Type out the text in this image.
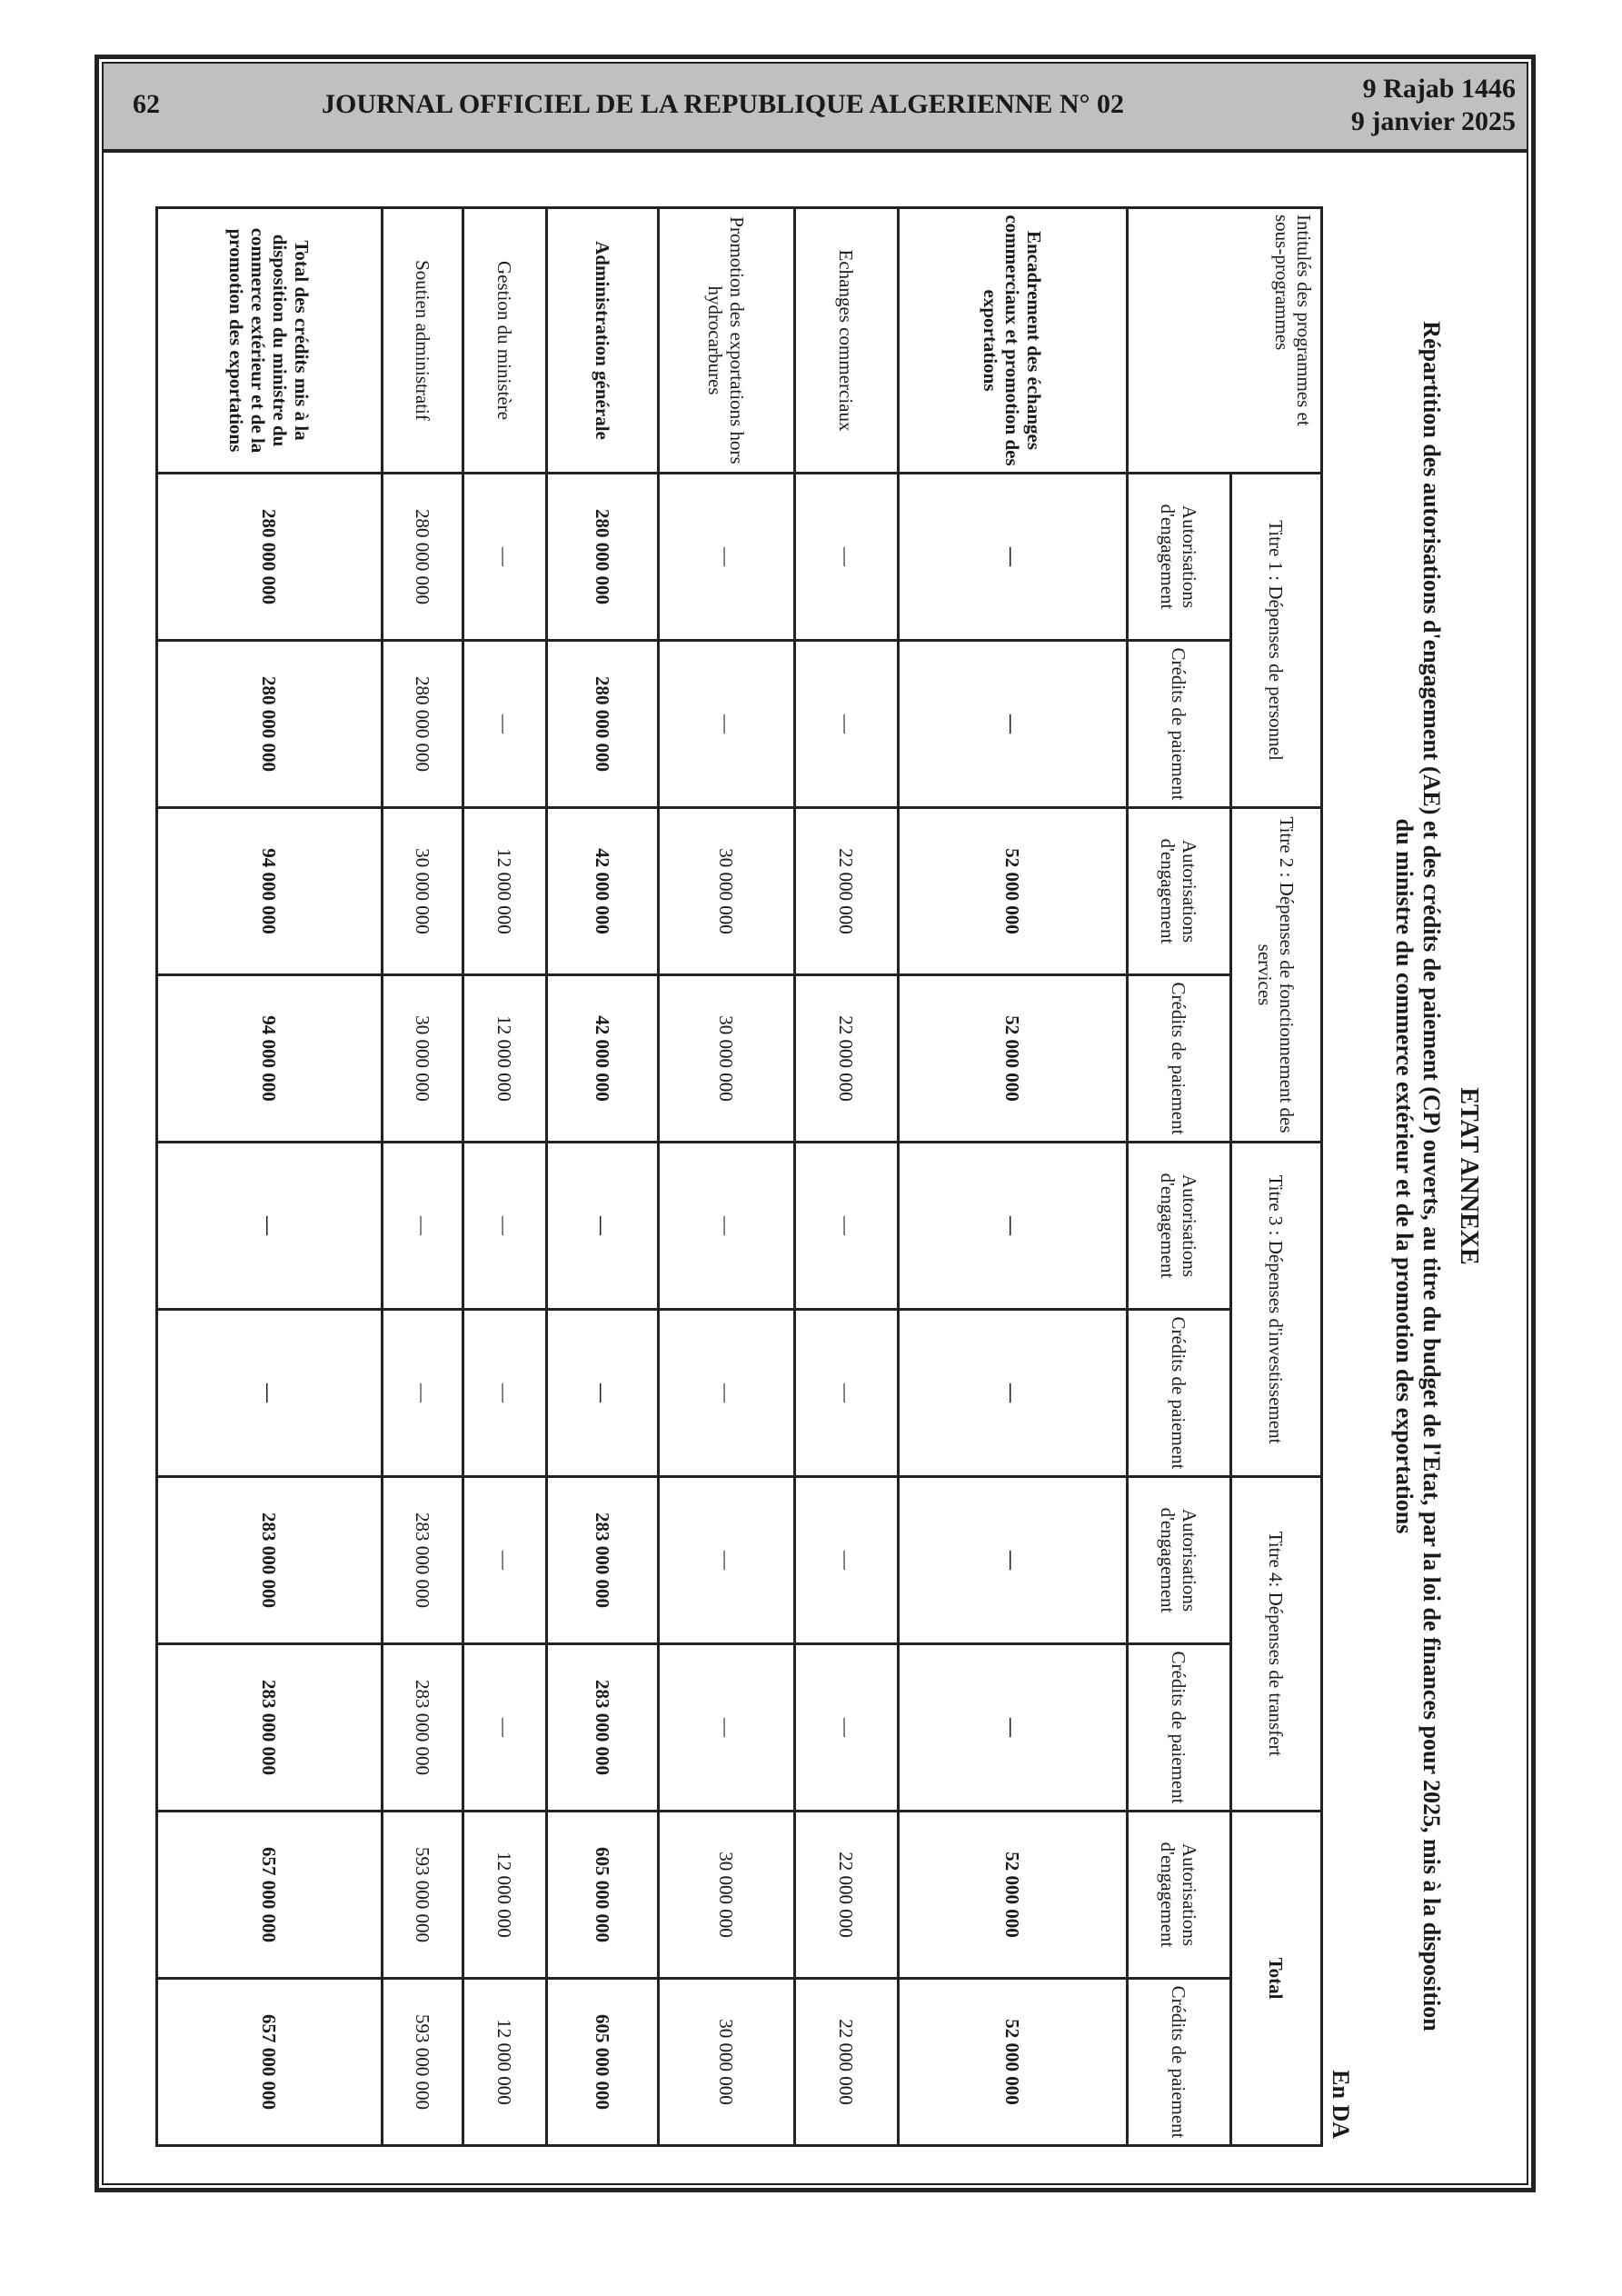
62	JOURNAL OFFICIEL DE LA REPUBLIQUE ALGERIENNE N° 02
9 Rajab 1446
9 janvier 2025
ETAT ANNEXE
Répartition des autorisations d'engagement (AE) et des crédits de paiement (CP) ouverts, au titre du budget de l'Etat, par la loi de finances pour 2025, mis à la disposition du ministre du commerce extérieur et de la promotion des exportations
En DA
Intitulés des programmes et sous-programmes	Titre 1 : Dépenses de personnel		Titre 2 : Dépenses de fonctionnement des services		Titre 3 : Dépenses d'investissement		Titre 4: Dépenses de transfert		Total	
	Autorisations d'engagement	Crédits de paiement	Autorisations d'engagement	Crédits de paiement	Autorisations d'engagement	Crédits de paiement	Autorisations d'engagement	Crédits de paiement	Autorisations d'engagement	Crédits de paiement
Encadrement des échanges commerciaux et promotion des exportations	—	—	52 000 000	52 000 000	—	—	—	—	52 000 000	52 000 000
Echanges commerciaux	—	—	22 000 000	22 000 000	—	—	—	—	22 000 000	22 000 000
Promotion des exportations hors hydrocarbures	—	—	30 000 000	30 000 000	—	—	—	—	30 000 000	30 000 000
Administration générale	280 000 000	280 000 000	42 000 000	42 000 000	—	—	283 000 000	283 000 000	605 000 000	605 000 000
Gestion du ministère	—	—	12 000 000	12 000 000	—	—	—	—	12 000 000	12 000 000
Soutien administratif	280 000 000	280 000 000	30 000 000	30 000 000	—	—	283 000 000	283 000 000	593 000 000	593 000 000
Total des crédits mis à la disposition du ministre du commerce extérieur et de la promotion des exportations	280 000 000	280 000 000	94 000 000	94 000 000	—	—	283 000 000	283 000 000	657 000 000	657 000 000
